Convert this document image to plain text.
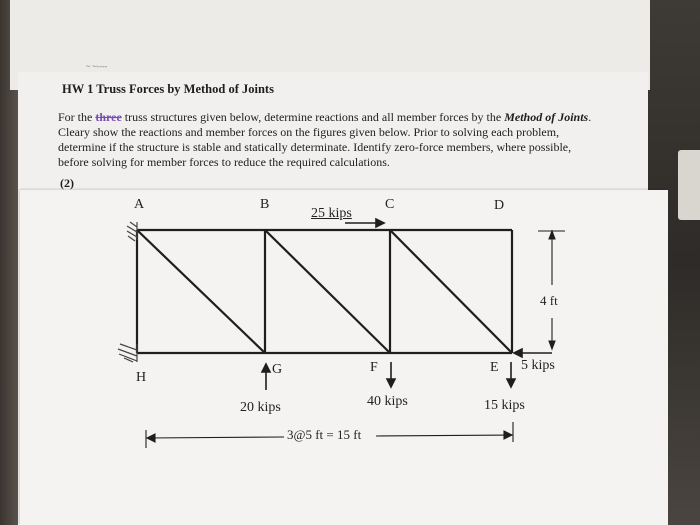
~ ~----
HW 1 Truss Forces by Method of Joints
For the three truss structures given below, determine reactions and all member forces by the Method of Joints.
Cleary show the reactions and member forces on the figures given below. Prior to solving each problem,
determine if the structure is stable and statically determinate. Identify zero-force members, where possible,
before solving for member forces to reduce the required calculations.
(2)
A	B	C	D
H
G	F	E
25 kips
5 kips
20 kips	40 kips	15 kips
4 ft
3@5 ft = 15 ft
